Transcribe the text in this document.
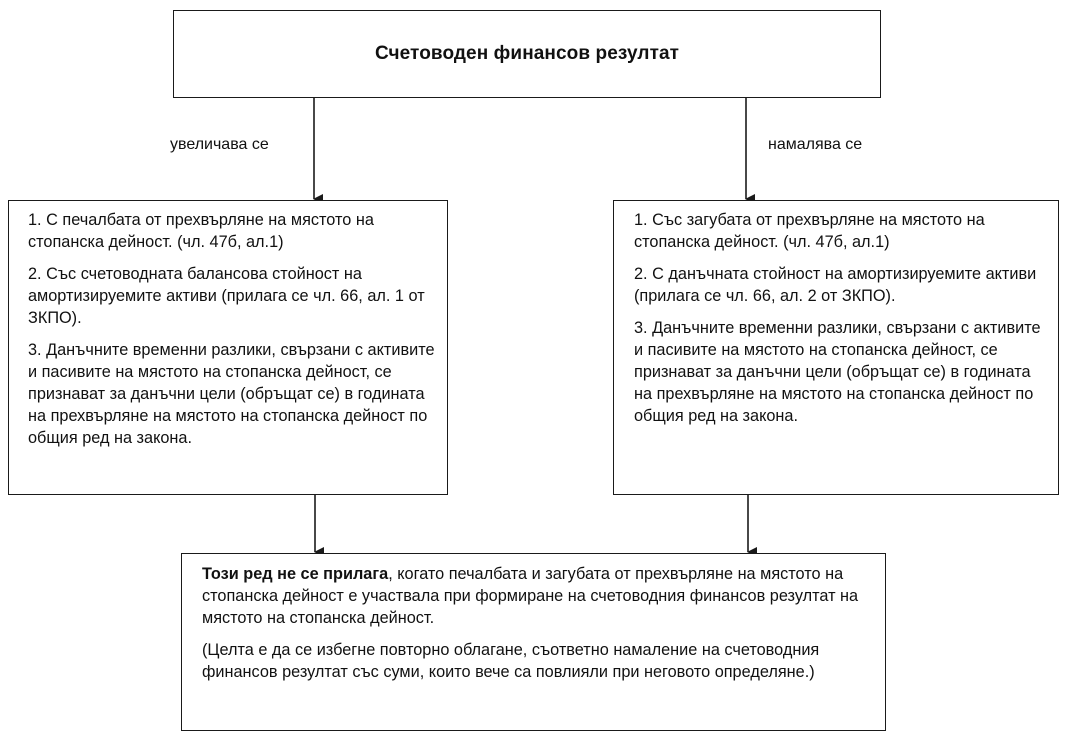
Счетоводен финансов резултат
увеличава се	намалява се

1. С печалбата от прехвърляне на мястото на стопанска дейност. (чл. 47б, ал.1)

2. Със счетоводната балансова стойност на амортизируемите активи (прилага се чл. 66, ал. 1 от ЗКПО).

3. Данъчните временни разлики, свързани с активите и пасивите на мястото на стопанска дейност, се признават за данъчни цели (обръщат се) в годината на прехвърляне на мястото на стопанска дейност по общия ред на закона.

1. Със загубата от прехвърляне на мястото на стопанска дейност. (чл. 47б, ал.1)

2. С данъчната стойност на амортизируемите активи (прилага се чл. 66, ал. 2 от ЗКПО).

3. Данъчните временни разлики, свързани с активите и пасивите на мястото на стопанска дейност, се признават за данъчни цели (обръщат се) в годината на прехвърляне на мястото на стопанска дейност по общия ред на закона.

Този ред не се прилага, когато печалбата и загубата от прехвърляне на мястото на стопанска дейност е участвала при формиране на счетоводния финансов резултат на мястото на стопанска дейност.

(Целта е да се избегне повторно облагане, съответно намаление на счетоводния финансов резултат със суми, които вече са повлияли при неговото определяне.)
